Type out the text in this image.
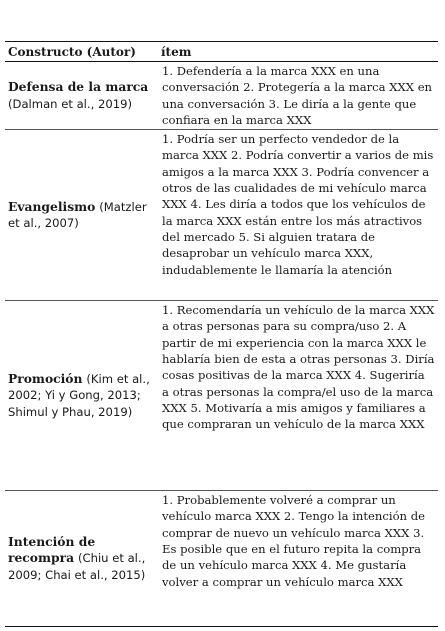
Constructo (Autor)	ítem
Defensa de la marca (Dalman et al., 2019)	1. Defendería a la marca XXX en una conversación 2. Protegería a la marca XXX en una conversación 3. Le diría a la gente que confiara en la marca XXX
Evangelismo (Matzler et al., 2007)	1. Podría ser un perfecto vendedor de la marca XXX 2. Podría convertir a varios de mis amigos a la marca XXX 3. Podría convencer a otros de las cualidades de mi vehículo marca XXX 4. Les diría a todos que los vehículos de la marca XXX están entre los más atractivos del mercado 5. Si alguien tratara de desaprobar un vehículo marca XXX, indudablemente le llamaría la atención
Promoción (Kim et al., 2002; Yi y Gong, 2013; Shimul y Phau, 2019)	1. Recomendaría un vehículo de la marca XXX a otras personas para su compra/uso 2. A partir de mi experiencia con la marca XXX le hablaría bien de esta a otras personas 3. Diría cosas positivas de la marca XXX 4. Sugeriría a otras personas la compra/el uso de la marca XXX 5. Motivaría a mis amigos y familiares a que compraran un vehículo de la marca XXX
Intención de recompra (Chiu et al., 2009; Chai et al., 2015)	1. Probablemente volveré a comprar un vehículo marca XXX 2. Tengo la intención de comprar de nuevo un vehículo marca XXX 3. Es posible que en el futuro repita la compra de un vehículo marca XXX 4. Me gustaría volver a comprar un vehículo marca XXX
